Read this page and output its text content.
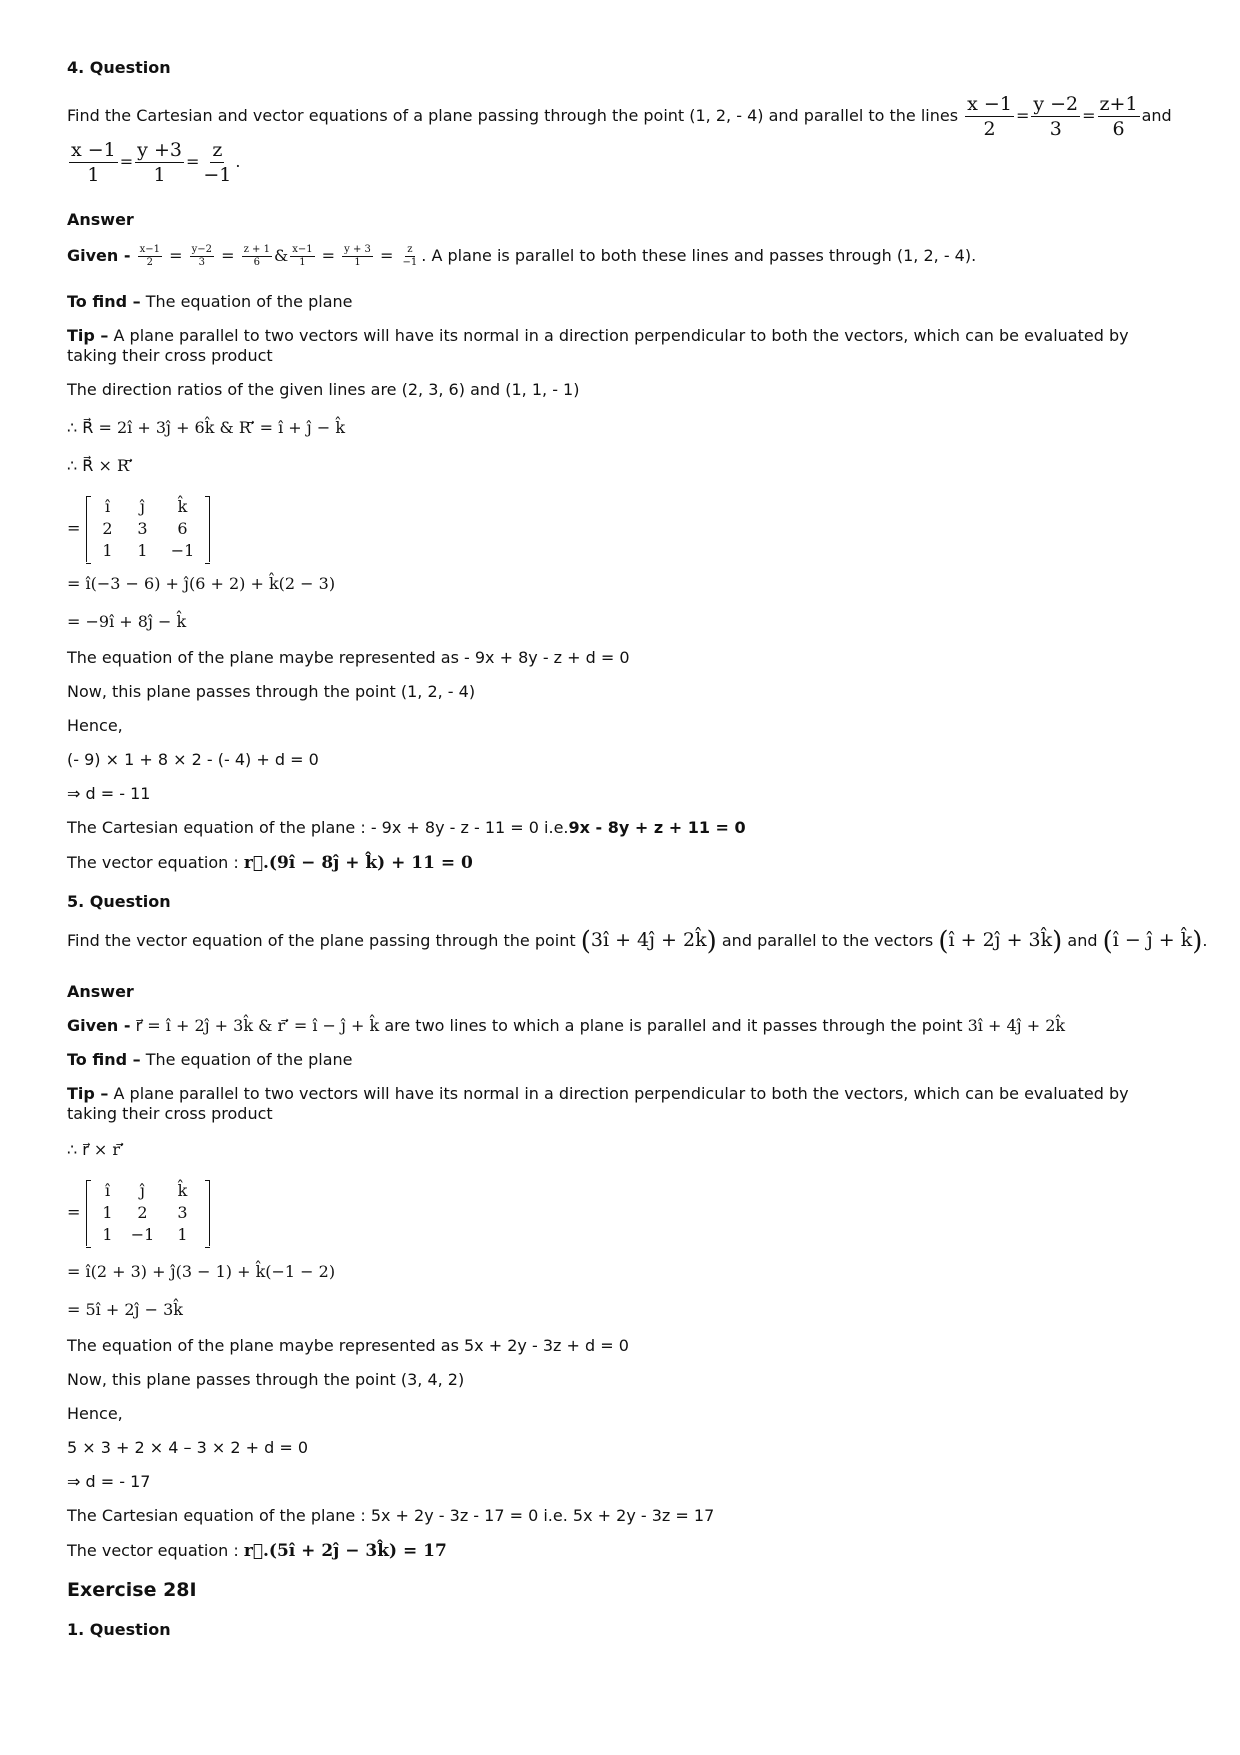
4. Question
Find the Cartesian and vector equations of a plane passing through the point (1, 2, - 4) and parallel to the lines $\frac{x -1}{2} = \frac{y -2}{3} = \frac{z+1}{6}$ and
$\frac{x -1}{1} = \frac{y +3}{1} = \frac{z}{-1}$ .
Answer
Given - $\frac{x-1}{2} = \frac{y-2}{3} = \frac{z + 1}{6}$ & $\frac{x-1}{1} = \frac{y + 3}{1} = \frac{z}{-1}$ . A plane is parallel to both these lines and passes through (1, 2, - 4).
To find – The equation of the plane
Tip – A plane parallel to two vectors will have its normal in a direction perpendicular to both the vectors, which can be evaluated by taking their cross product
The direction ratios of the given lines are (2, 3, 6) and (1, 1, - 1)
∴ R⃗ = 2î + 3ĵ + 6k̂ & R′⃗ = î + ĵ − k̂
∴ R⃗ × R′⃗
=
î	ĵ	k̂
2	3	6
1	1	−1
= î(−3 − 6) + ĵ(6 + 2) + k̂(2 − 3)
= −9î + 8ĵ − k̂
The equation of the plane maybe represented as - 9x + 8y - z + d = 0
Now, this plane passes through the point (1, 2, - 4)
Hence,
(- 9) × 1 + 8 × 2 - (- 4) + d = 0
⇒ d = - 11
The Cartesian equation of the plane : - 9x + 8y - z - 11 = 0 i.e.9x - 8y + z + 11 = 0
The vector equation : r⃗.(9î − 8ĵ + k̂) + 11 = 0
5. Question
Find the vector equation of the plane passing through the point (3î + 4ĵ + 2k̂) and parallel to the vectors (î + 2ĵ + 3k̂) and (î − ĵ + k̂).
Answer
Given - r⃗ = î + 2ĵ + 3k̂ & r′⃗ = î − ĵ + k̂ are two lines to which a plane is parallel and it passes through the point 3î + 4ĵ + 2k̂
To find – The equation of the plane
Tip – A plane parallel to two vectors will have its normal in a direction perpendicular to both the vectors, which can be evaluated by taking their cross product
∴ r⃗ × r′⃗
=
î	ĵ	k̂
1	2	3
1	−1	1
= î(2 + 3) + ĵ(3 − 1) + k̂(−1 − 2)
= 5î + 2ĵ − 3k̂
The equation of the plane maybe represented as 5x + 2y - 3z + d = 0
Now, this plane passes through the point (3, 4, 2)
Hence,
5 × 3 + 2 × 4 – 3 × 2 + d = 0
⇒ d = - 17
The Cartesian equation of the plane : 5x + 2y - 3z - 17 = 0 i.e. 5x + 2y - 3z = 17
The vector equation : r⃗.(5î + 2ĵ − 3k̂) = 17
Exercise 28I
1. Question
